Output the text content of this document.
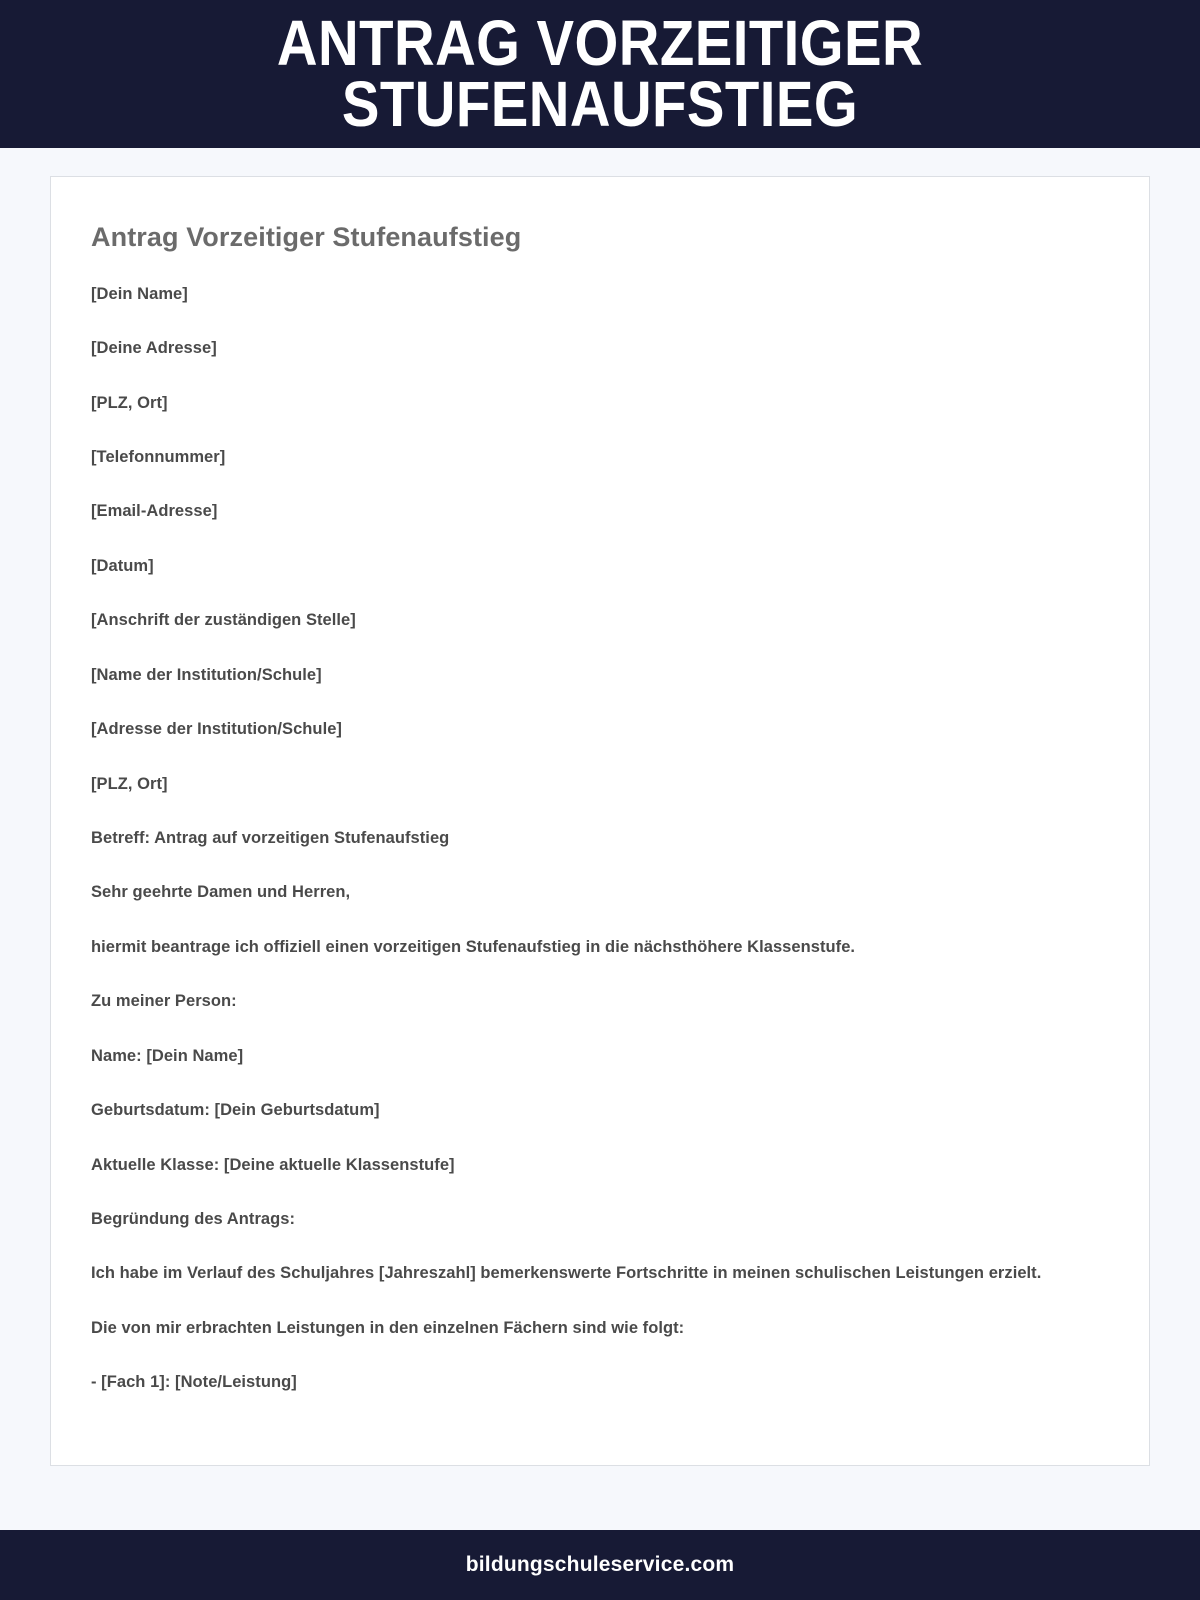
ANTRAG VORZEITIGER STUFENAUFSTIEG
Antrag Vorzeitiger Stufenaufstieg

[Dein Name]

[Deine Adresse]

[PLZ, Ort]

[Telefonnummer]

[Email-Adresse]

[Datum]

[Anschrift der zuständigen Stelle]

[Name der Institution/Schule]

[Adresse der Institution/Schule]

[PLZ, Ort]

Betreff: Antrag auf vorzeitigen Stufenaufstieg

Sehr geehrte Damen und Herren,

hiermit beantrage ich offiziell einen vorzeitigen Stufenaufstieg in die nächsthöhere Klassenstufe.

Zu meiner Person:

Name: [Dein Name]

Geburtsdatum: [Dein Geburtsdatum]

Aktuelle Klasse: [Deine aktuelle Klassenstufe]

Begründung des Antrags:

Ich habe im Verlauf des Schuljahres [Jahreszahl] bemerkenswerte Fortschritte in meinen schulischen Leistungen erzielt.

Die von mir erbrachten Leistungen in den einzelnen Fächern sind wie folgt:

- [Fach 1]: [Note/Leistung]

bildungschuleservice.com
